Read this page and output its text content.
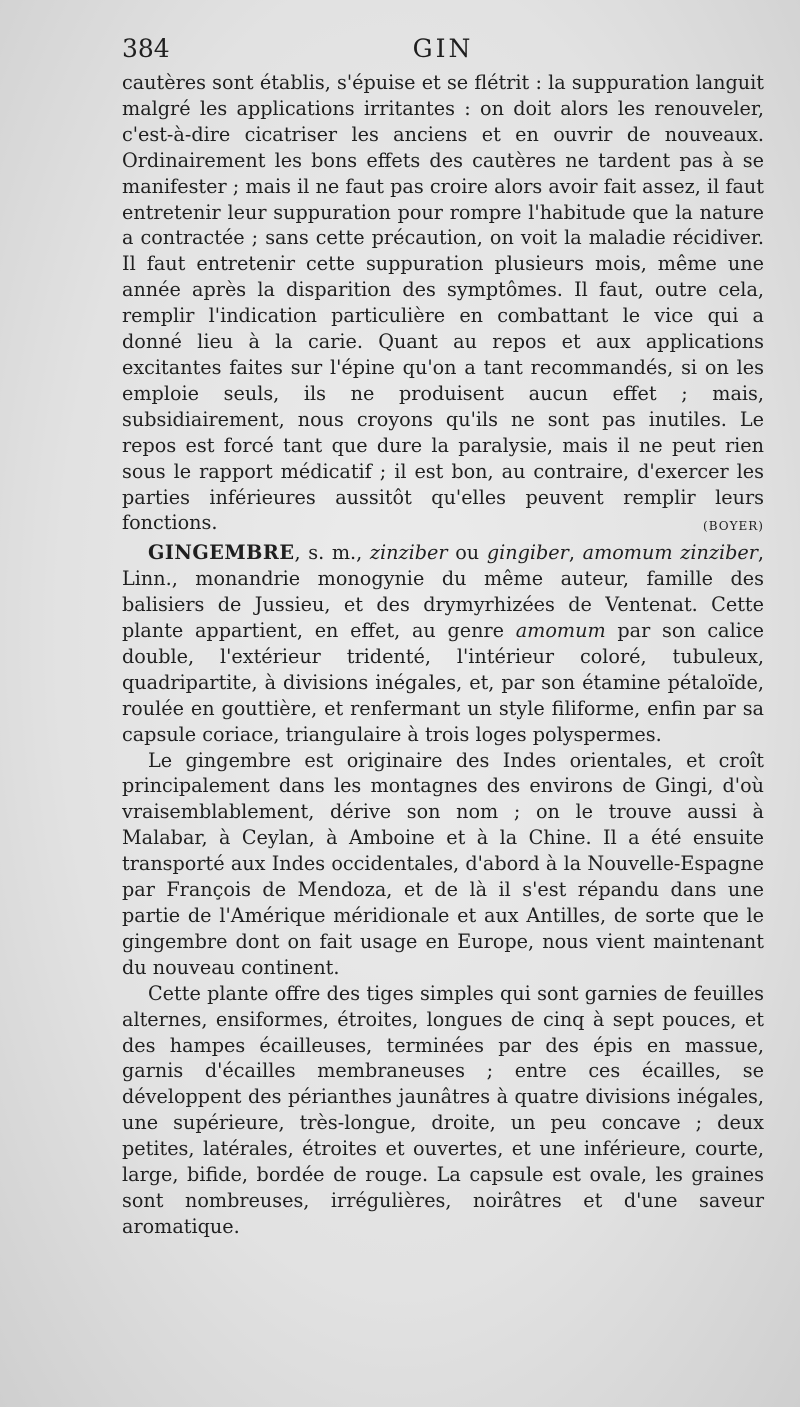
384	GIN

cautères sont établis, s'épuise et se flétrit : la suppuration languit malgré les applications irritantes : on doit alors les renouveler, c'est-à-dire cicatriser les anciens et en ouvrir de nouveaux. Ordinairement les bons effets des cautères ne tardent pas à se manifester ; mais il ne faut pas croire alors avoir fait assez, il faut entretenir leur suppuration pour rompre l'habitude que la nature a contractée ; sans cette précaution, on voit la maladie récidiver. Il faut entretenir cette suppuration plusieurs mois, même une année après la disparition des symptômes. Il faut, outre cela, remplir l'indication particulière en combattant le vice qui a donné lieu à la carie. Quant au repos et aux applications excitantes faites sur l'épine qu'on a tant recommandés, si on les emploie seuls, ils ne produisent aucun effet ; mais, subsidiairement, nous croyons qu'ils ne sont pas inutiles. Le repos est forcé tant que dure la paralysie, mais il ne peut rien sous le rapport médicatif ; il est bon, au contraire, d'exercer les parties inférieures aussitôt qu'elles peuvent remplir leurs fonctions.	(BOYER)

GINGEMBRE, s. m., zinziber ou gingiber, amomum zinziber, Linn., monandrie monogynie du même auteur, famille des balisiers de Jussieu, et des drymyrhizées de Ventenat. Cette plante appartient, en effet, au genre amomum par son calice double, l'extérieur tridenté, l'intérieur coloré, tubuleux, quadripartite, à divisions inégales, et, par son étamine pétaloïde, roulée en gouttière, et renfermant un style filiforme, enfin par sa capsule coriace, triangulaire à trois loges polyspermes.

Le gingembre est originaire des Indes orientales, et croît principalement dans les montagnes des environs de Gingi, d'où vraisemblablement, dérive son nom ; on le trouve aussi à Malabar, à Ceylan, à Amboine et à la Chine. Il a été ensuite transporté aux Indes occidentales, d'abord à la Nouvelle-Espagne par François de Mendoza, et de là il s'est répandu dans une partie de l'Amérique méridionale et aux Antilles, de sorte que le gingembre dont on fait usage en Europe, nous vient maintenant du nouveau continent.

Cette plante offre des tiges simples qui sont garnies de feuilles alternes, ensiformes, étroites, longues de cinq à sept pouces, et des hampes écailleuses, terminées par des épis en massue, garnis d'écailles membraneuses ; entre ces écailles, se développent des périanthes jaunâtres à quatre divisions inégales, une supérieure, très-longue, droite, un peu concave ; deux petites, latérales, étroites et ouvertes, et une inférieure, courte, large, bifide, bordée de rouge. La capsule est ovale, les graines sont nombreuses, irrégulières, noirâtres et d'une saveur aromatique.
